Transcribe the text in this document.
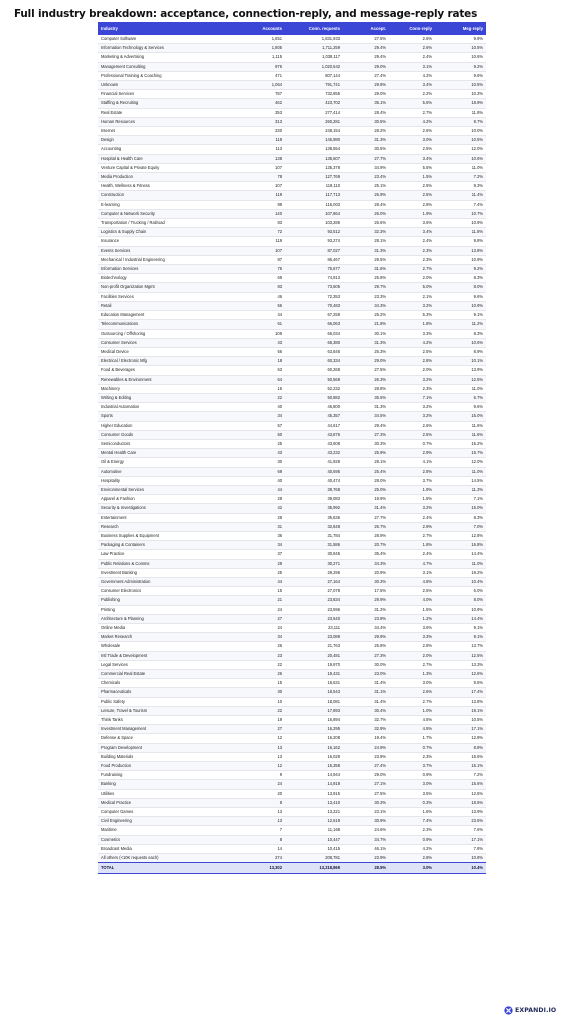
Full industry breakdown: acceptance, connection-reply, and message-reply rates
Industry	Accounts	Conn. requests	Accept.	Conn-reply	Msg-reply
Computer Software	1,651	1,831,933	27.5%	2.6%	9.9%
Information Technology & Services	1,805	1,711,259	29.4%	2.6%	10.5%
Marketing & Advertising	1,115	1,038,117	29.4%	2.4%	10.6%
Management Consulting	976	1,020,542	29.0%	3.1%	9.2%
Professional Training & Coaching	471	807,144	27.4%	4.2%	9.6%
Unknown	1,064	791,741	29.8%	3.4%	10.5%
Financial Services	787	732,855	29.0%	2.2%	10.3%
Staffing & Recruiting	462	423,702	35.1%	5.6%	18.9%
Real Estate	353	277,414	28.4%	2.7%	11.8%
Human Resources	313	260,281	30.5%	4.2%	9.7%
Internet	330	248,154	28.2%	2.6%	10.0%
Design	118	146,980	31.3%	3.0%	10.5%
Accounting	113	138,554	30.5%	2.5%	12.0%
Hospital & Health Care	138	135,607	27.7%	3.4%	10.6%
Venture Capital & Private Equity	107	135,378	34.9%	5.5%	11.0%
Media Production	78	127,769	23.4%	1.5%	7.2%
Health, Wellness & Fitness	107	119,110	25.1%	2.5%	9.3%
Construction	119	117,713	26.9%	2.5%	11.4%
E-learning	99	116,003	28.4%	2.8%	7.4%
Computer & Network Security	140	107,864	26.0%	1.9%	10.7%
Transportation / Trucking / Railroad	83	103,286	26.6%	3.6%	10.9%
Logistics & Supply Chain	72	93,512	32.3%	3.4%	11.8%
Insurance	119	93,274	28.1%	2.4%	9.8%
Events Services	107	87,027	31.3%	2.3%	13.8%
Mechanical / Industrial Engineering	87	86,467	29.5%	2.3%	10.9%
Information Services	76	75,677	31.6%	2.7%	9.2%
Biotechnology	69	74,913	25.8%	2.0%	8.3%
Non-profit Organization Mgmt	83	73,605	29.7%	5.0%	8.0%
Facilities Services	46	72,353	23.3%	2.1%	9.6%
Retail	56	70,483	34.3%	3.2%	10.9%
Education Management	44	67,259	25.2%	5.3%	9.1%
Telecommunications	61	66,063	21.8%	1.8%	11.2%
Outsourcing / Offshoring	109	66,034	30.1%	3.3%	8.3%
Consumer Services	43	65,380	31.3%	4.2%	10.6%
Medical Device	56	63,846	25.3%	2.5%	8.9%
Electrical / Electronic Mfg	18	60,334	29.0%	2.8%	10.1%
Food & Beverages	63	60,268	27.5%	2.0%	13.9%
Renewables & Environment	64	50,569	26.3%	3.2%	12.5%
Machinery	16	52,232	28.8%	2.3%	11.0%
Writing & Editing	22	50,882	35.5%	7.1%	6.7%
Industrial Automation	40	46,800	31.3%	3.2%	9.6%
Sports	34	45,357	34.5%	3.2%	15.0%
Higher Education	57	44,617	29.4%	2.6%	11.6%
Consumer Goods	50	43,876	27.3%	2.5%	11.6%
Semiconductors	25	43,608	30.3%	0.7%	15.2%
Mental Health Care	43	43,232	25.9%	2.9%	15.7%
Oil & Energy	30	41,928	28.1%	4.1%	12.0%
Automotive	69	40,695	25.4%	2.8%	11.0%
Hospitality	40	40,474	28.0%	3.7%	14.5%
Environmental Services	44	39,768	25.0%	1.9%	11.3%
Apparel & Fashion	28	39,083	19.9%	1.5%	7.1%
Security & Investigations	42	35,992	31.4%	3.2%	15.0%
Entertainment	28	35,636	27.7%	2.4%	8.3%
Research	31	32,848	26.7%	2.9%	7.0%
Business Supplies & Equipment	36	31,784	28.9%	2.7%	12.8%
Packaging & Containers	34	31,586	20.7%	1.8%	16.8%
Law Practice	37	30,845	35.4%	2.4%	14.4%
Public Relations & Comms	29	30,271	34.3%	4.7%	11.0%
Investment Banking	25	29,296	20.9%	3.1%	19.2%
Government Administration	44	27,164	30.3%	4.8%	10.4%
Consumer Electronics	15	27,078	17.5%	2.5%	6.0%
Publishing	21	23,834	29.9%	4.0%	8.0%
Printing	24	23,596	31.2%	1.5%	10.9%
Architecture & Planning	27	23,540	23.9%	1.2%	14.4%
Online Media	24	23,111	34.4%	3.6%	9.1%
Market Research	34	23,089	29.9%	3.3%	9.1%
Wholesale	26	21,763	25.8%	2.8%	13.7%
Intl Trade & Development	23	20,481	27.3%	2.0%	12.5%
Legal Services	22	19,970	30.0%	2.7%	13.3%
Commercial Real Estate	26	19,431	23.0%	1.3%	12.6%
Chemicals	15	18,631	31.4%	3.0%	9.5%
Pharmaceuticals	30	18,543	31.1%	2.6%	17.4%
Public Safety	10	18,081	31.4%	2.7%	13.8%
Leisure, Travel & Tourism	22	17,893	30.4%	1.0%	19.1%
Think Tanks	19	16,894	32.7%	4.5%	10.5%
Investment Management	27	16,295	32.9%	4.5%	17.1%
Defense & Space	12	16,208	19.4%	1.7%	12.9%
Program Development	13	16,162	24.9%	0.7%	8.8%
Building Materials	13	16,028	23.9%	2.3%	15.6%
Food Production	12	15,358	27.4%	3.7%	15.1%
Fundraising	9	14,944	29.0%	0.9%	7.2%
Banking	24	14,918	27.1%	3.0%	15.6%
Utilities	20	13,915	27.5%	3.5%	12.5%
Medical Practice	8	13,410	30.3%	0.3%	18.5%
Computer Games	13	13,221	23.1%	1.6%	13.9%
Civil Engineering	13	12,619	30.9%	7.4%	23.5%
Maritime	7	11,168	24.6%	2.3%	7.6%
Cosmetics	8	10,447	34.7%	0.9%	17.1%
Broadcast Media	14	10,415	46.1%	4.2%	7.8%
All others (<10K requests each)	274	208,781	23.9%	2.8%	10.8%
TOTAL	13,302	13,218,869	28.5%	3.0%	10.4%
EXPANDI.IO
